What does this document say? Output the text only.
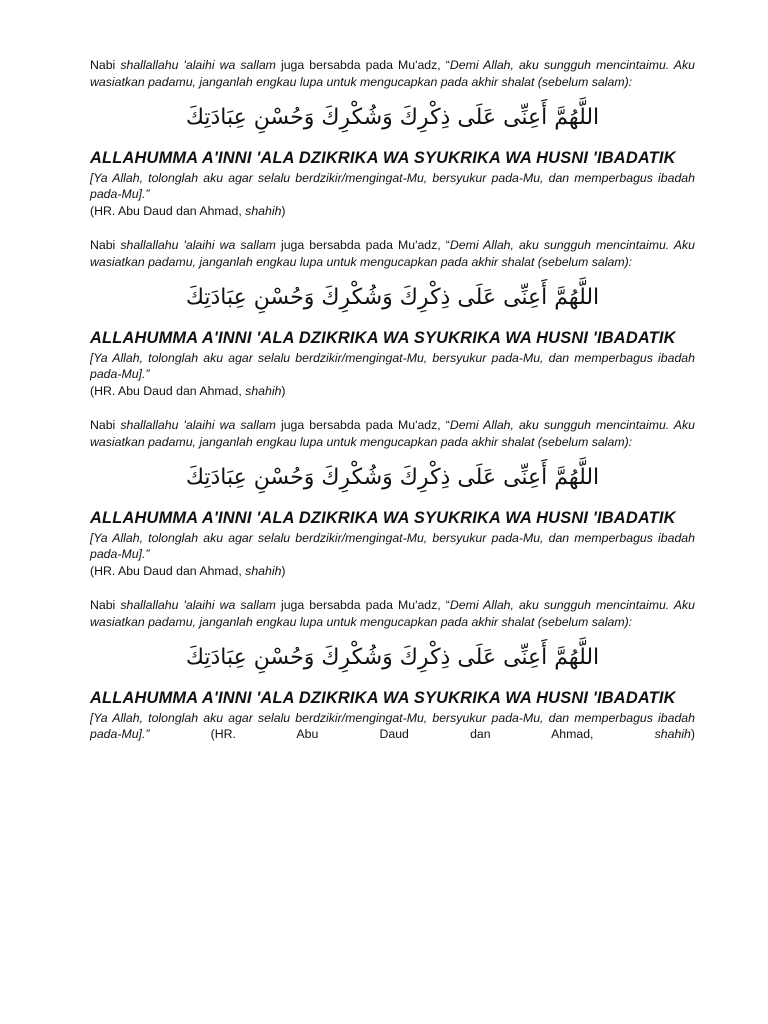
Nabi shallallahu 'alaihi wa sallam juga bersabda pada Mu'adz, “Demi Allah, aku sungguh mencintaimu. Aku wasiatkan padamu, janganlah engkau lupa untuk mengucapkan pada akhir shalat (sebelum salam):

اللَّهُمَّ أَعِنِّى عَلَى ذِكْرِكَ وَشُكْرِكَ وَحُسْنِ عِبَادَتِكَ

ALLAHUMMA A'INNI 'ALA DZIKRIKA WA SYUKRIKA WA HUSNI 'IBADATIK

[Ya Allah, tolonglah aku agar selalu berdzikir/mengingat-Mu, bersyukur pada-Mu, dan memperbagus ibadah pada-Mu].”

(HR. Abu Daud dan Ahmad, shahih)

Nabi shallallahu 'alaihi wa sallam juga bersabda pada Mu'adz, “Demi Allah, aku sungguh mencintaimu. Aku wasiatkan padamu, janganlah engkau lupa untuk mengucapkan pada akhir shalat (sebelum salam):

اللَّهُمَّ أَعِنِّى عَلَى ذِكْرِكَ وَشُكْرِكَ وَحُسْنِ عِبَادَتِكَ

ALLAHUMMA A'INNI 'ALA DZIKRIKA WA SYUKRIKA WA HUSNI 'IBADATIK

[Ya Allah, tolonglah aku agar selalu berdzikir/mengingat-Mu, bersyukur pada-Mu, dan memperbagus ibadah pada-Mu].”

(HR. Abu Daud dan Ahmad, shahih)

Nabi shallallahu 'alaihi wa sallam juga bersabda pada Mu'adz, “Demi Allah, aku sungguh mencintaimu. Aku wasiatkan padamu, janganlah engkau lupa untuk mengucapkan pada akhir shalat (sebelum salam):

اللَّهُمَّ أَعِنِّى عَلَى ذِكْرِكَ وَشُكْرِكَ وَحُسْنِ عِبَادَتِكَ

ALLAHUMMA A'INNI 'ALA DZIKRIKA WA SYUKRIKA WA HUSNI 'IBADATIK

[Ya Allah, tolonglah aku agar selalu berdzikir/mengingat-Mu, bersyukur pada-Mu, dan memperbagus ibadah pada-Mu].”

(HR. Abu Daud dan Ahmad, shahih)

Nabi shallallahu 'alaihi wa sallam juga bersabda pada Mu'adz, “Demi Allah, aku sungguh mencintaimu. Aku wasiatkan padamu, janganlah engkau lupa untuk mengucapkan pada akhir shalat (sebelum salam):

اللَّهُمَّ أَعِنِّى عَلَى ذِكْرِكَ وَشُكْرِكَ وَحُسْنِ عِبَادَتِكَ

ALLAHUMMA A'INNI 'ALA DZIKRIKA WA SYUKRIKA WA HUSNI 'IBADATIK

[Ya Allah, tolonglah aku agar selalu berdzikir/mengingat-Mu, bersyukur pada-Mu, dan memperbagus ibadah pada-Mu].”	(HR. Abu Daud dan Ahmad, shahih)
